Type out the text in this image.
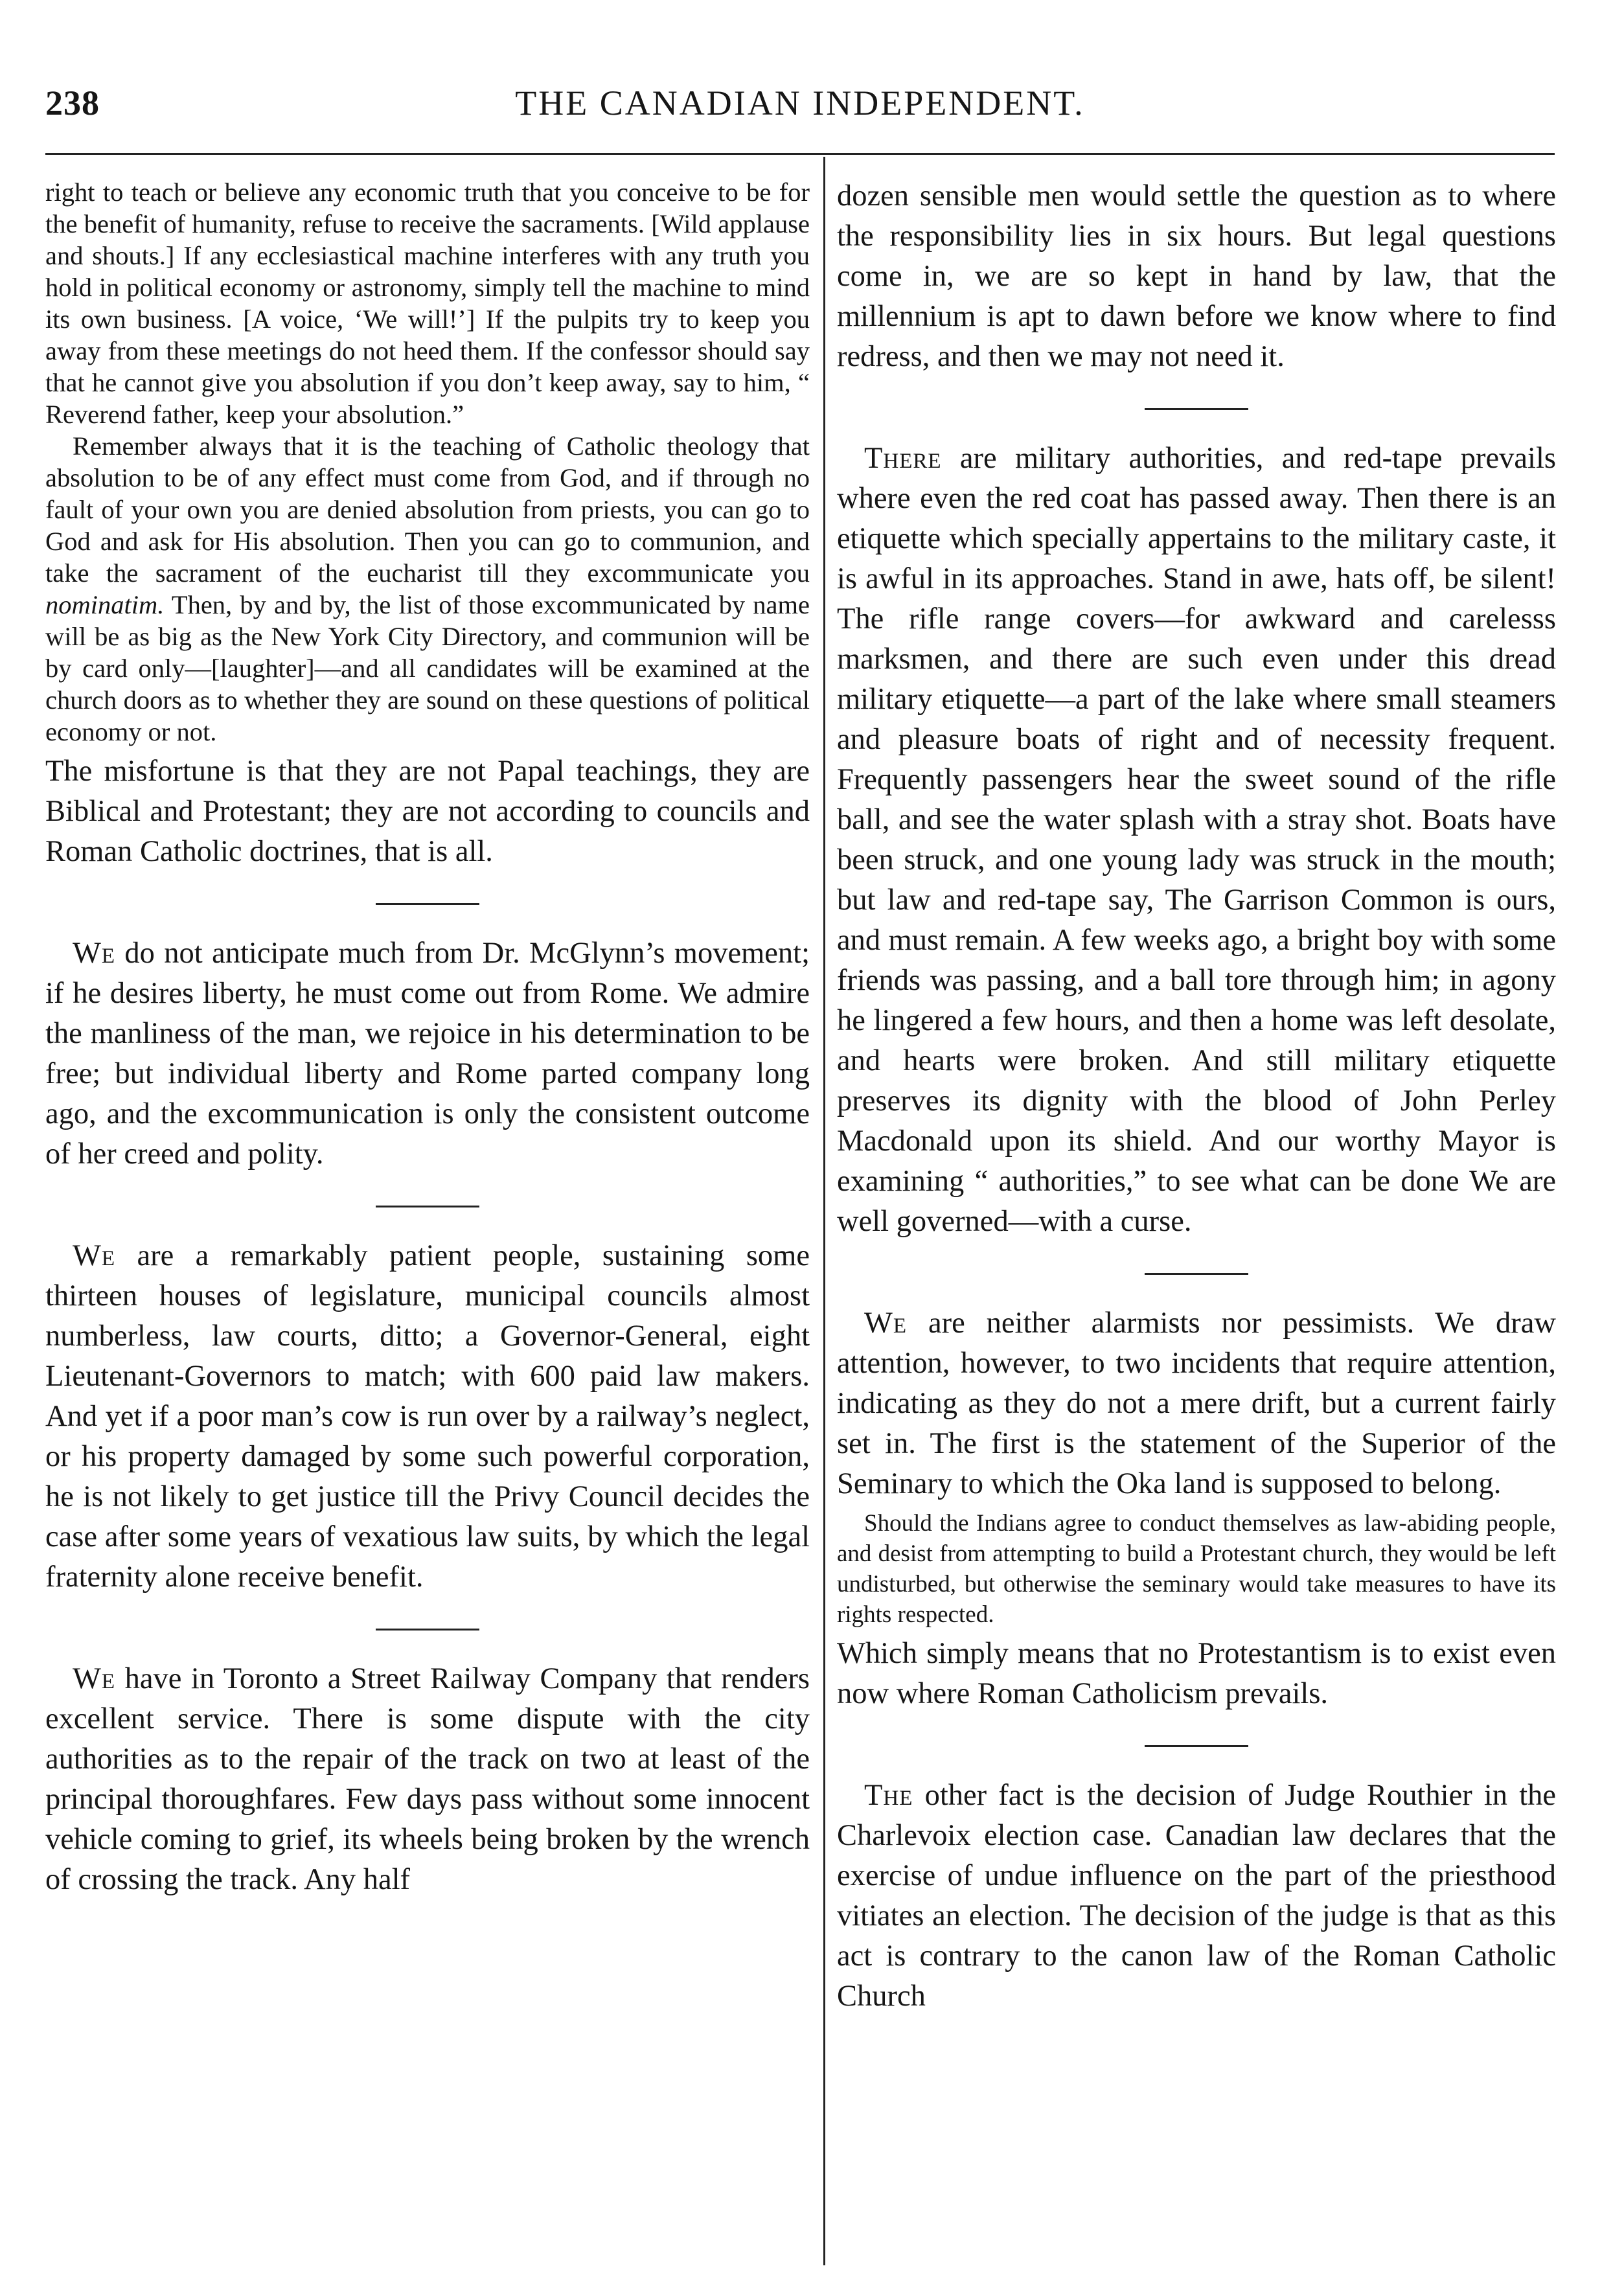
238	THE CANADIAN INDEPENDENT.

right to teach or believe any economic truth that you conceive to be for the benefit of humanity, refuse to receive the sacraments. [Wild applause and shouts.] If any ecclesiastical machine interferes with any truth you hold in political economy or astronomy, simply tell the machine to mind its own business. [A voice, ‘We will!’] If the pulpits try to keep you away from these meetings do not heed them. If the confessor should say that he cannot give you absolution if you don’t keep away, say to him, “ Reverend father, keep your absolution.”

Remember always that it is the teaching of Catholic theology that absolution to be of any effect must come from God, and if through no fault of your own you are denied absolution from priests, you can go to God and ask for His absolution. Then you can go to communion, and take the sacrament of the eucharist till they excommunicate you nominatim. Then, by and by, the list of those excommunicated by name will be as big as the New York City Directory, and communion will be by card only—[laughter]—and all candidates will be examined at the church doors as to whether they are sound on these questions of political economy or not.

The misfortune is that they are not Papal teachings, they are Biblical and Protestant; they are not according to councils and Roman Catholic doctrines, that is all.

We do not anticipate much from Dr. McGlynn’s movement; if he desires liberty, he must come out from Rome. We admire the manliness of the man, we rejoice in his determination to be free; but individual liberty and Rome parted company long ago, and the excommunication is only the consistent outcome of her creed and polity.

We are a remarkably patient people, sustaining some thirteen houses of legislature, municipal councils almost numberless, law courts, ditto; a Governor-General, eight Lieutenant-Governors to match; with 600 paid law makers. And yet if a poor man’s cow is run over by a railway’s neglect, or his property damaged by some such powerful corporation, he is not likely to get justice till the Privy Council decides the case after some years of vexatious law suits, by which the legal fraternity alone receive benefit.

We have in Toronto a Street Railway Company that renders excellent service. There is some dispute with the city authorities as to the repair of the track on two at least of the principal thoroughfares. Few days pass without some innocent vehicle coming to grief, its wheels being broken by the wrench of crossing the track. Any half

dozen sensible men would settle the question as to where the responsibility lies in six hours. But legal questions come in, we are so kept in hand by law, that the millennium is apt to dawn before we know where to find redress, and then we may not need it.

There are military authorities, and red-tape prevails where even the red coat has passed away. Then there is an etiquette which specially appertains to the military caste, it is awful in its approaches. Stand in awe, hats off, be silent! The rifle range covers—for awkward and carelesss marksmen, and there are such even under this dread military etiquette—a part of the lake where small steamers and pleasure boats of right and of necessity frequent. Frequently passengers hear the sweet sound of the rifle ball, and see the water splash with a stray shot. Boats have been struck, and one young lady was struck in the mouth; but law and red-tape say, The Garrison Common is ours, and must remain. A few weeks ago, a bright boy with some friends was passing, and a ball tore through him; in agony he lingered a few hours, and then a home was left desolate, and hearts were broken. And still military etiquette preserves its dignity with the blood of John Perley Macdonald upon its shield. And our worthy Mayor is examining “ authorities,” to see what can be done We are well governed—with a curse.

We are neither alarmists nor pessimists. We draw attention, however, to two incidents that require attention, indicating as they do not a mere drift, but a current fairly set in. The first is the statement of the Superior of the Seminary to which the Oka land is supposed to belong.

Should the Indians agree to conduct themselves as law-abiding people, and desist from attempting to build a Protestant church, they would be left undisturbed, but otherwise the seminary would take measures to have its rights respected.

Which simply means that no Protestantism is to exist even now where Roman Catholicism prevails.

The other fact is the decision of Judge Routhier in the Charlevoix election case. Canadian law declares that the exercise of undue influence on the part of the priesthood vitiates an election. The decision of the judge is that as this act is contrary to the canon law of the Roman Catholic Church
